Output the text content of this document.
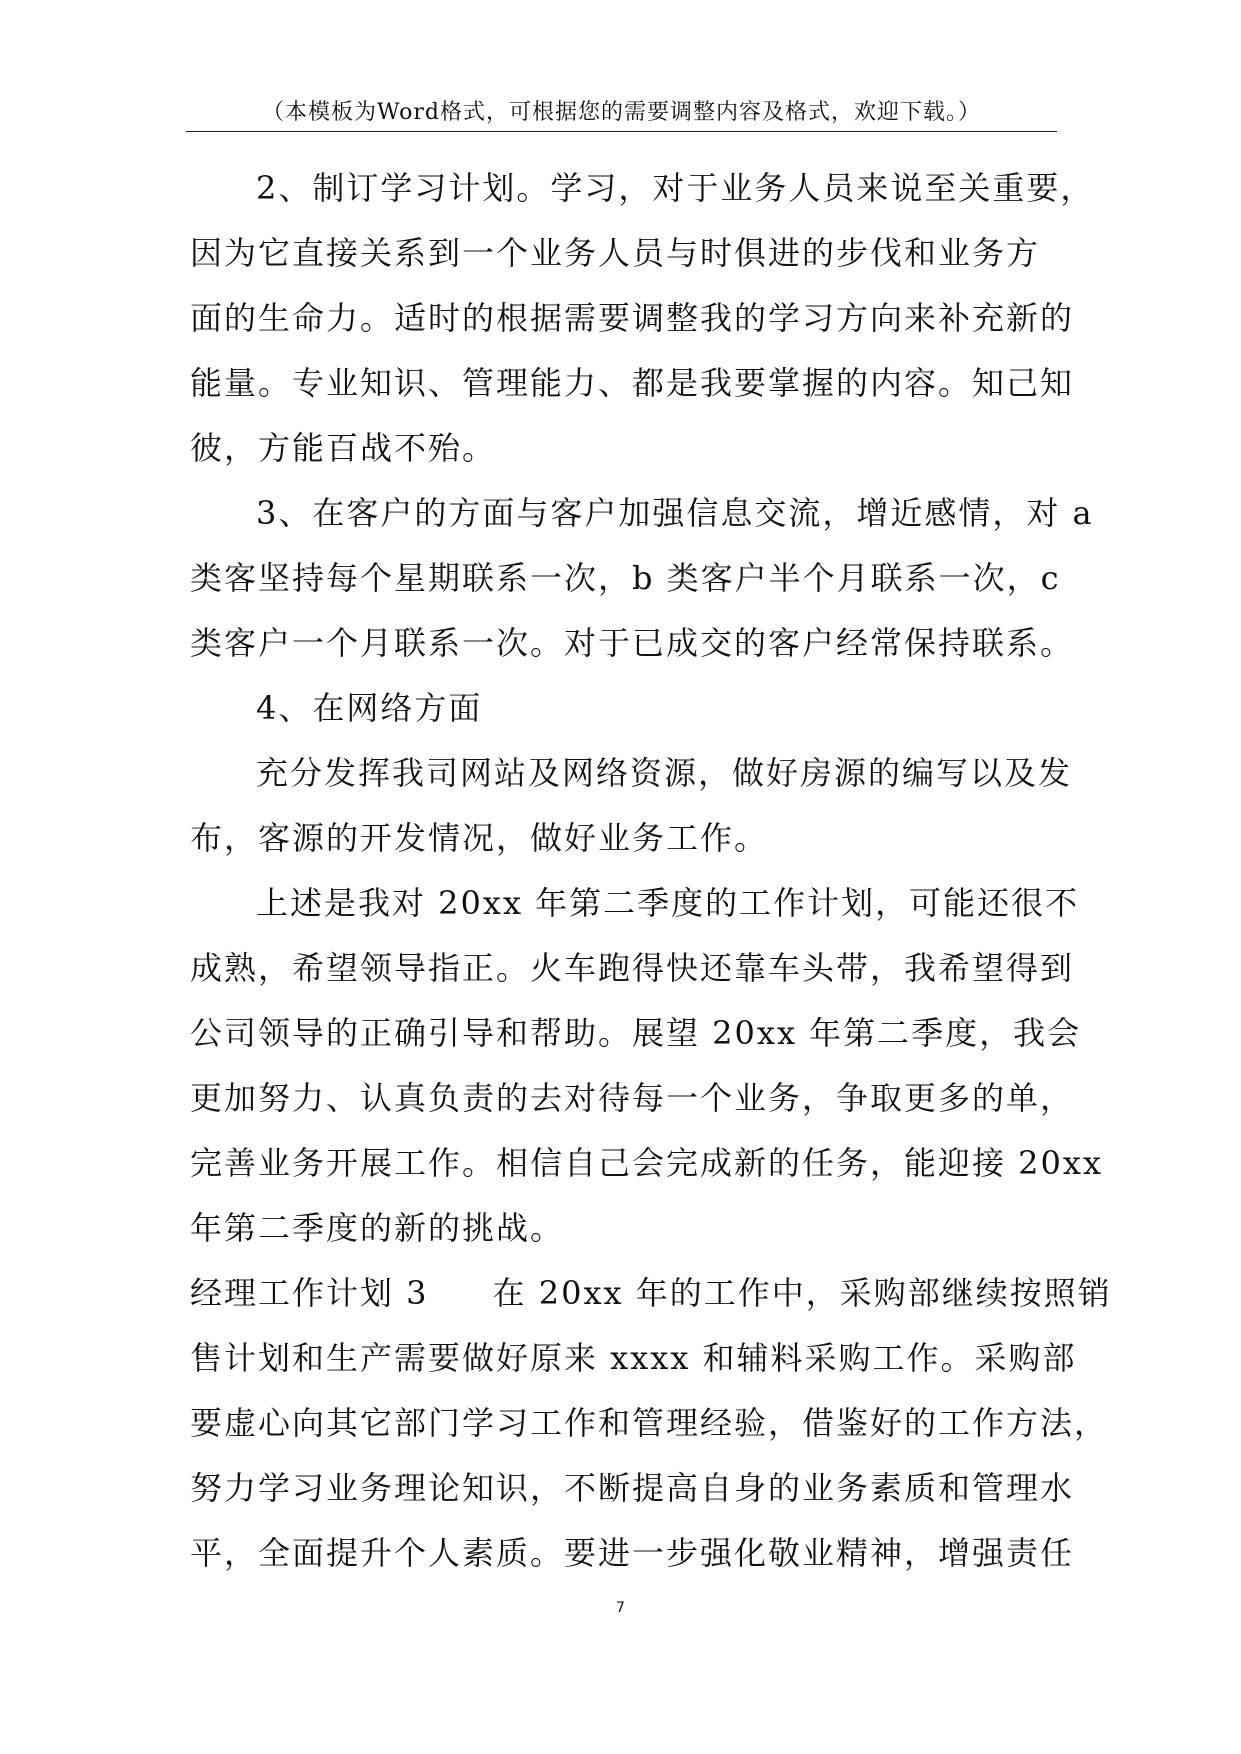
（本模板为Word格式，可根据您的需要调整内容及格式，欢迎下载。）
2、制订学习计划。学习，对于业务人员来说至关重要，
因为它直接关系到一个业务人员与时俱进的步伐和业务方
面的生命力。适时的根据需要调整我的学习方向来补充新的
能量。专业知识、管理能力、都是我要掌握的内容。知己知
彼，方能百战不殆。
3、在客户的方面与客户加强信息交流，增近感情，对 a
类客坚持每个星期联系一次，b 类客户半个月联系一次，c
类客户一个月联系一次。对于已成交的客户经常保持联系。
4、在网络方面
充分发挥我司网站及网络资源，做好房源的编写以及发
布，客源的开发情况，做好业务工作。
上述是我对 20xx 年第二季度的工作计划，可能还很不
成熟，希望领导指正。火车跑得快还靠车头带，我希望得到
公司领导的正确引导和帮助。展望 20xx 年第二季度，我会
更加努力、认真负责的去对待每一个业务，争取更多的单，
完善业务开展工作。相信自己会完成新的任务，能迎接 20xx
年第二季度的新的挑战。
经理工作计划 3 在 20xx 年的工作中，采购部继续按照销
售计划和生产需要做好原来 xxxx 和辅料采购工作。采购部
要虚心向其它部门学习工作和管理经验，借鉴好的工作方法，
努力学习业务理论知识，不断提高自身的业务素质和管理水
平，全面提升个人素质。要进一步强化敬业精神，增强责任
7
